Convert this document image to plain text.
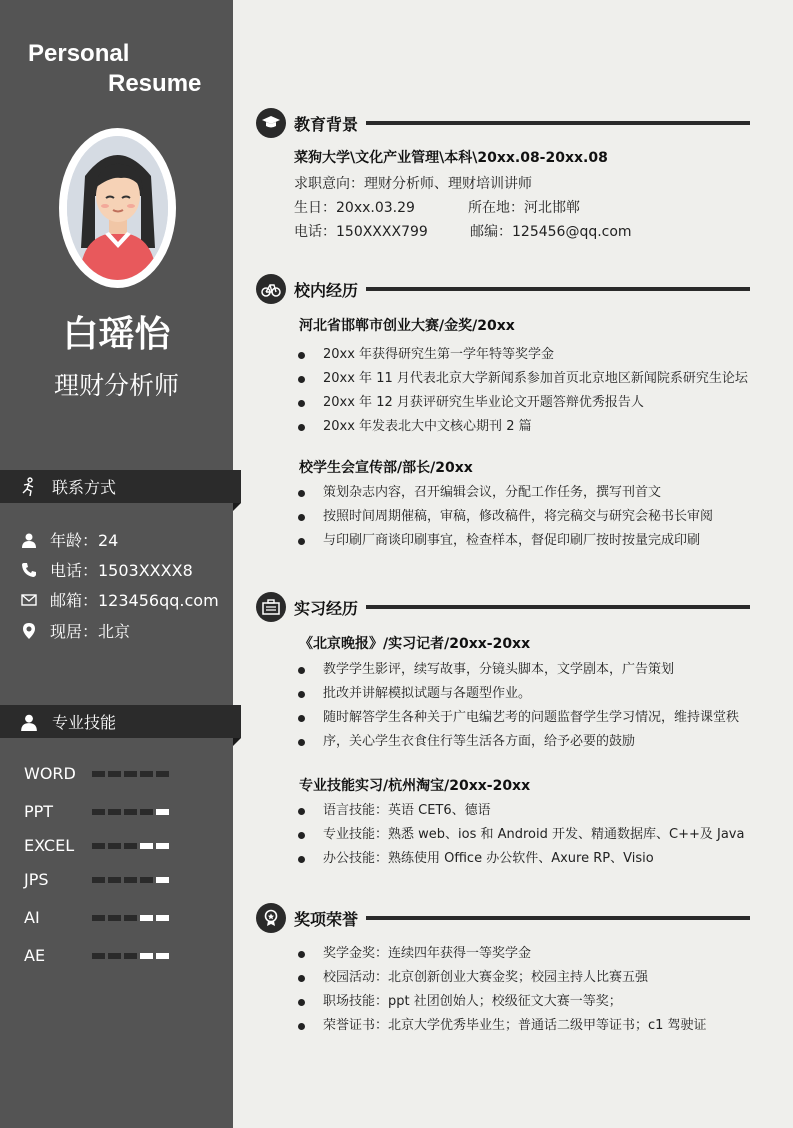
Personal
Resume
白瑶怡
理财分析师
联系方式
年龄：24
电话：1503XXXX8
邮箱：123456qq.com
现居：北京
专业技能
WORD
PPT
EXCEL
JPS
AI
AE
教育背景
菜狗大学\文化产业管理\本科\20xx.08-20xx.08
求职意向：理财分析师、理财培训讲师
生日：20xx.03.29	所在地：河北邯郸
电话：150XXXX799	邮编：125456@qq.com
校内经历
河北省邯郸市创业大赛/金奖/20xx
20xx 年获得研究生第一学年特等奖学金
20xx 年 11 月代表北京大学新闻系参加首页北京地区新闻院系研究生论坛
20xx 年 12 月获评研究生毕业论文开题答辩优秀报告人
20xx 年发表北大中文核心期刊 2 篇
校学生会宣传部/部长/20xx
策划杂志内容，召开编辑会议，分配工作任务，撰写刊首文
按照时间周期催稿，审稿，修改稿件，将完稿交与研究会秘书长审阅
与印刷厂商谈印刷事宜，检查样本，督促印刷厂按时按量完成印刷
实习经历
《北京晚报》/实习记者/20xx-20xx
教学学生影评，续写故事，分镜头脚本，文学剧本，广告策划
批改并讲解模拟试题与各题型作业。
随时解答学生各种关于广电编艺考的问题监督学生学习情况，维持课堂秩
序，关心学生衣食住行等生活各方面，给予必要的鼓励
专业技能实习/杭州淘宝/20xx-20xx
语言技能：英语 CET6、德语
专业技能：熟悉 web、ios 和 Android 开发、精通数据库、C++及 Java
办公技能：熟练使用 Office 办公软件、Axure RP、Visio
奖项荣誉
奖学金奖：连续四年获得一等奖学金
校园活动：北京创新创业大赛金奖；校园主持人比赛五强
职场技能：ppt 社团创始人；校级征文大赛一等奖；
荣誉证书：北京大学优秀毕业生；普通话二级甲等证书；c1 驾驶证
